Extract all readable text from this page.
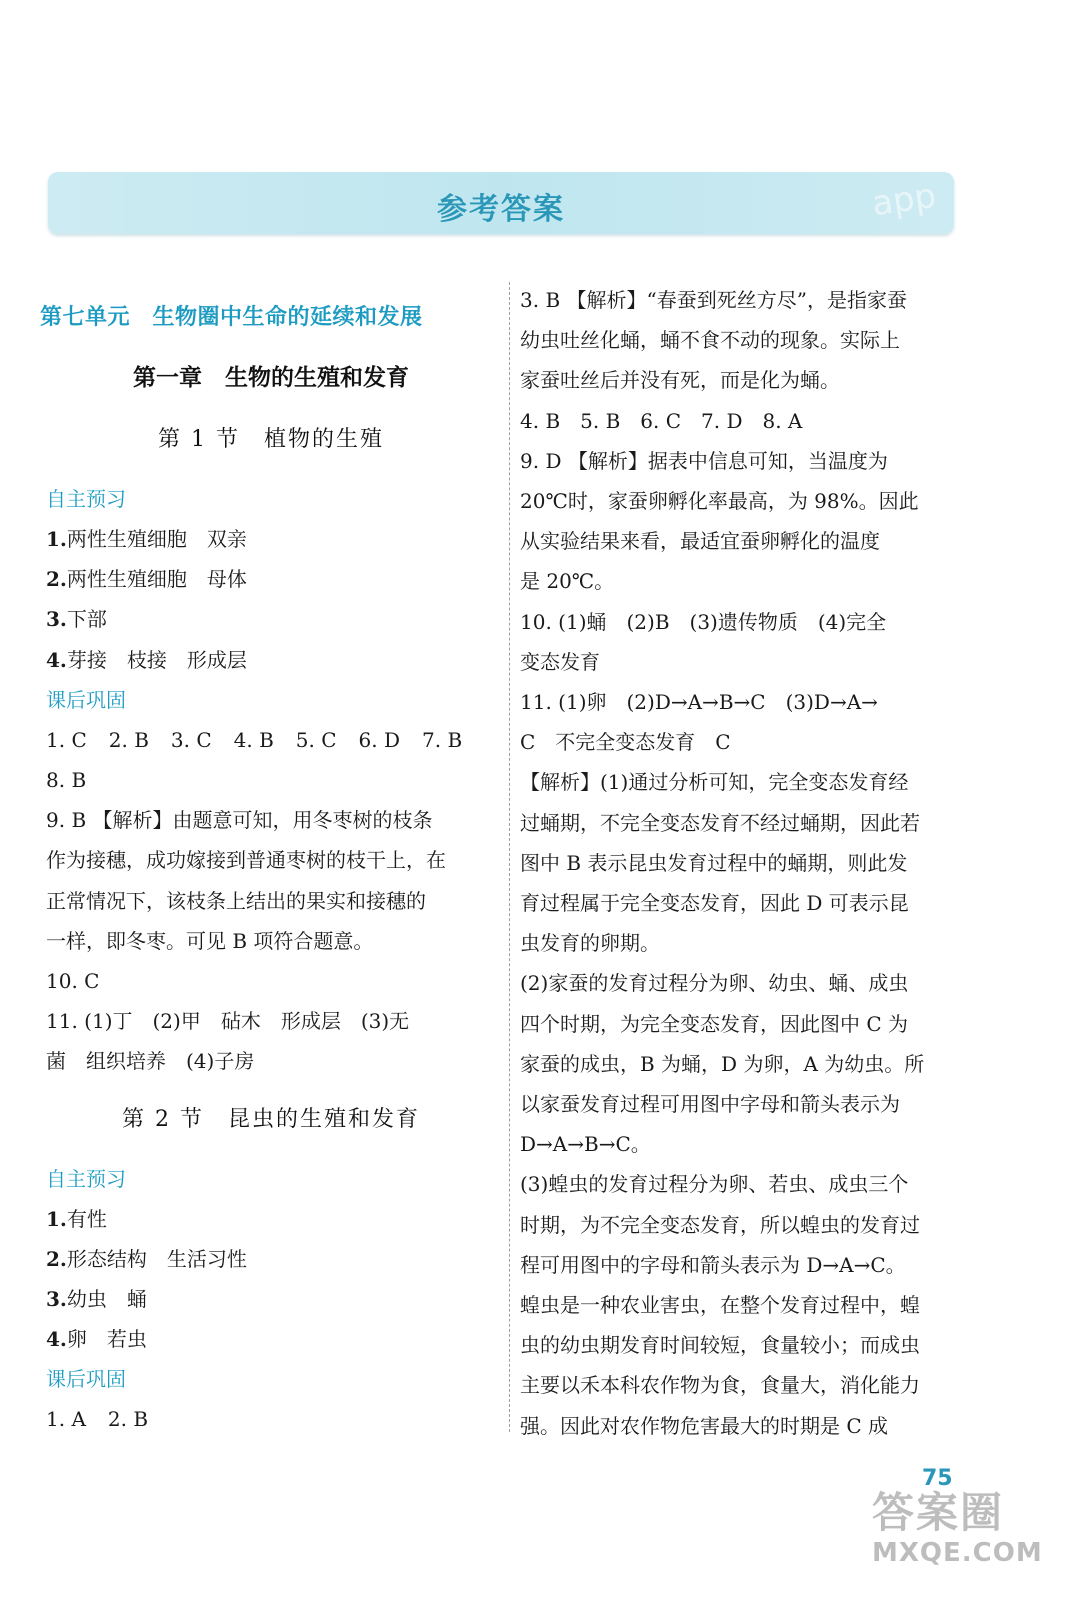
参考答案	app
第七单元　生物圈中生命的延续和发展
第一章　生物的生殖和发育
第 1 节　植物的生殖
自主预习
1.两性生殖细胞　双亲
2.两性生殖细胞　母体
3.下部
4.芽接　枝接　形成层
课后巩固
1. C 2. B 3. C 4. B 5. C 6. D 7. B
8. B
9. B 【解析】由题意可知，用冬枣树的枝条
作为接穗，成功嫁接到普通枣树的枝干上，在
正常情况下，该枝条上结出的果实和接穗的
一样，即冬枣。可见 B 项符合题意。
10. C
11. (1)丁　(2)甲　砧木　形成层　(3)无
菌　组织培养　(4)子房
第 2 节　昆虫的生殖和发育
自主预习
1.有性
2.形态结构　生活习性
3.幼虫　蛹
4.卵　若虫
课后巩固
1. A 2. B
3. B 【解析】“春蚕到死丝方尽”，是指家蚕
幼虫吐丝化蛹，蛹不食不动的现象。实际上
家蚕吐丝后并没有死，而是化为蛹。
4. B　5. B　6. C　7. D　8. A
9. D 【解析】据表中信息可知，当温度为
20℃时，家蚕卵孵化率最高，为 98%。因此
从实验结果来看，最适宜蚕卵孵化的温度
是 20℃。
10. (1)蛹　(2)B　(3)遗传物质　(4)完全
变态发育
11. (1)卵　(2)D→A→B→C　(3)D→A→
C　不完全变态发育　C
【解析】(1)通过分析可知，完全变态发育经
过蛹期，不完全变态发育不经过蛹期，因此若
图中 B 表示昆虫发育过程中的蛹期，则此发
育过程属于完全变态发育，因此 D 可表示昆
虫发育的卵期。
(2)家蚕的发育过程分为卵、幼虫、蛹、成虫
四个时期，为完全变态发育，因此图中 C 为
家蚕的成虫，B 为蛹，D 为卵，A 为幼虫。所
以家蚕发育过程可用图中字母和箭头表示为
D→A→B→C。
(3)蝗虫的发育过程分为卵、若虫、成虫三个
时期，为不完全变态发育，所以蝗虫的发育过
程可用图中的字母和箭头表示为 D→A→C。
蝗虫是一种农业害虫，在整个发育过程中，蝗
虫的幼虫期发育时间较短，食量较小；而成虫
主要以禾本科农作物为食，食量大，消化能力
强。因此对农作物危害最大的时期是 C 成
75
答案圈
MXQE.COM
